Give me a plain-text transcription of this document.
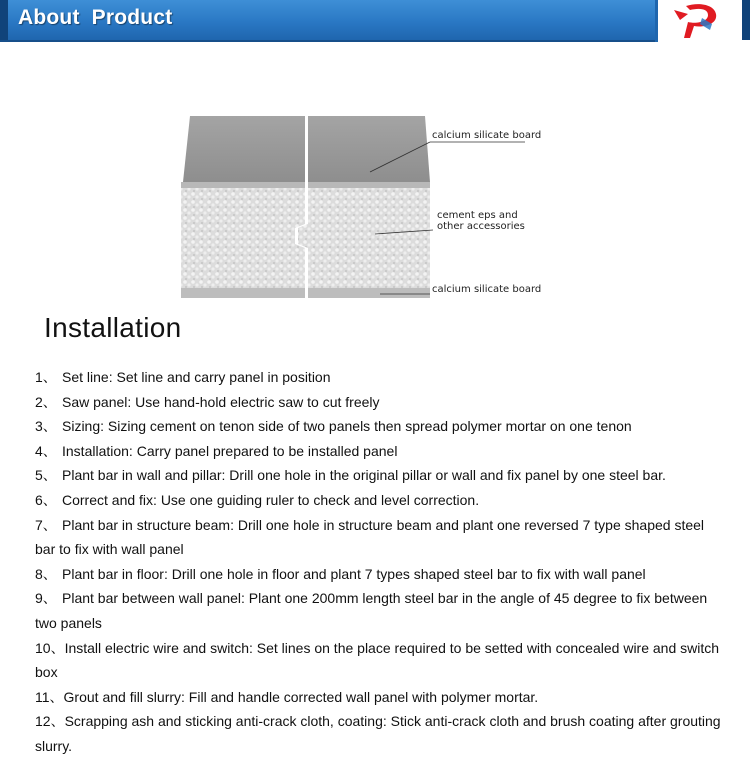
About Product
calcium silicate board
cement eps and
other accessories
calcium silicate board
Installation
1、 Set line: Set line and carry panel in position
2、 Saw panel: Use hand-hold electric saw to cut freely
3、 Sizing: Sizing cement on tenon side of two panels then spread polymer mortar on one tenon
4、 Installation: Carry panel prepared to be installed panel
5、 Plant bar in wall and pillar: Drill one hole in the original pillar or wall and fix panel by one steel bar.
6、 Correct and fix: Use one guiding ruler to check and level correction.
7、 Plant bar in structure beam: Drill one hole in structure beam and plant one reversed 7 type shaped steel bar to fix with wall panel
8、 Plant bar in floor: Drill one hole in floor and plant 7 types shaped steel bar to fix with wall panel
9、 Plant bar between wall panel: Plant one 200mm length steel bar in the angle of 45 degree to fix between two panels
10、Install electric wire and switch: Set lines on the place required to be setted with concealed wire and switch box
11、Grout and fill slurry: Fill and handle corrected wall panel with polymer mortar.
12、Scrapping ash and sticking anti-crack cloth, coating: Stick anti-crack cloth and brush coating after grouting slurry.
